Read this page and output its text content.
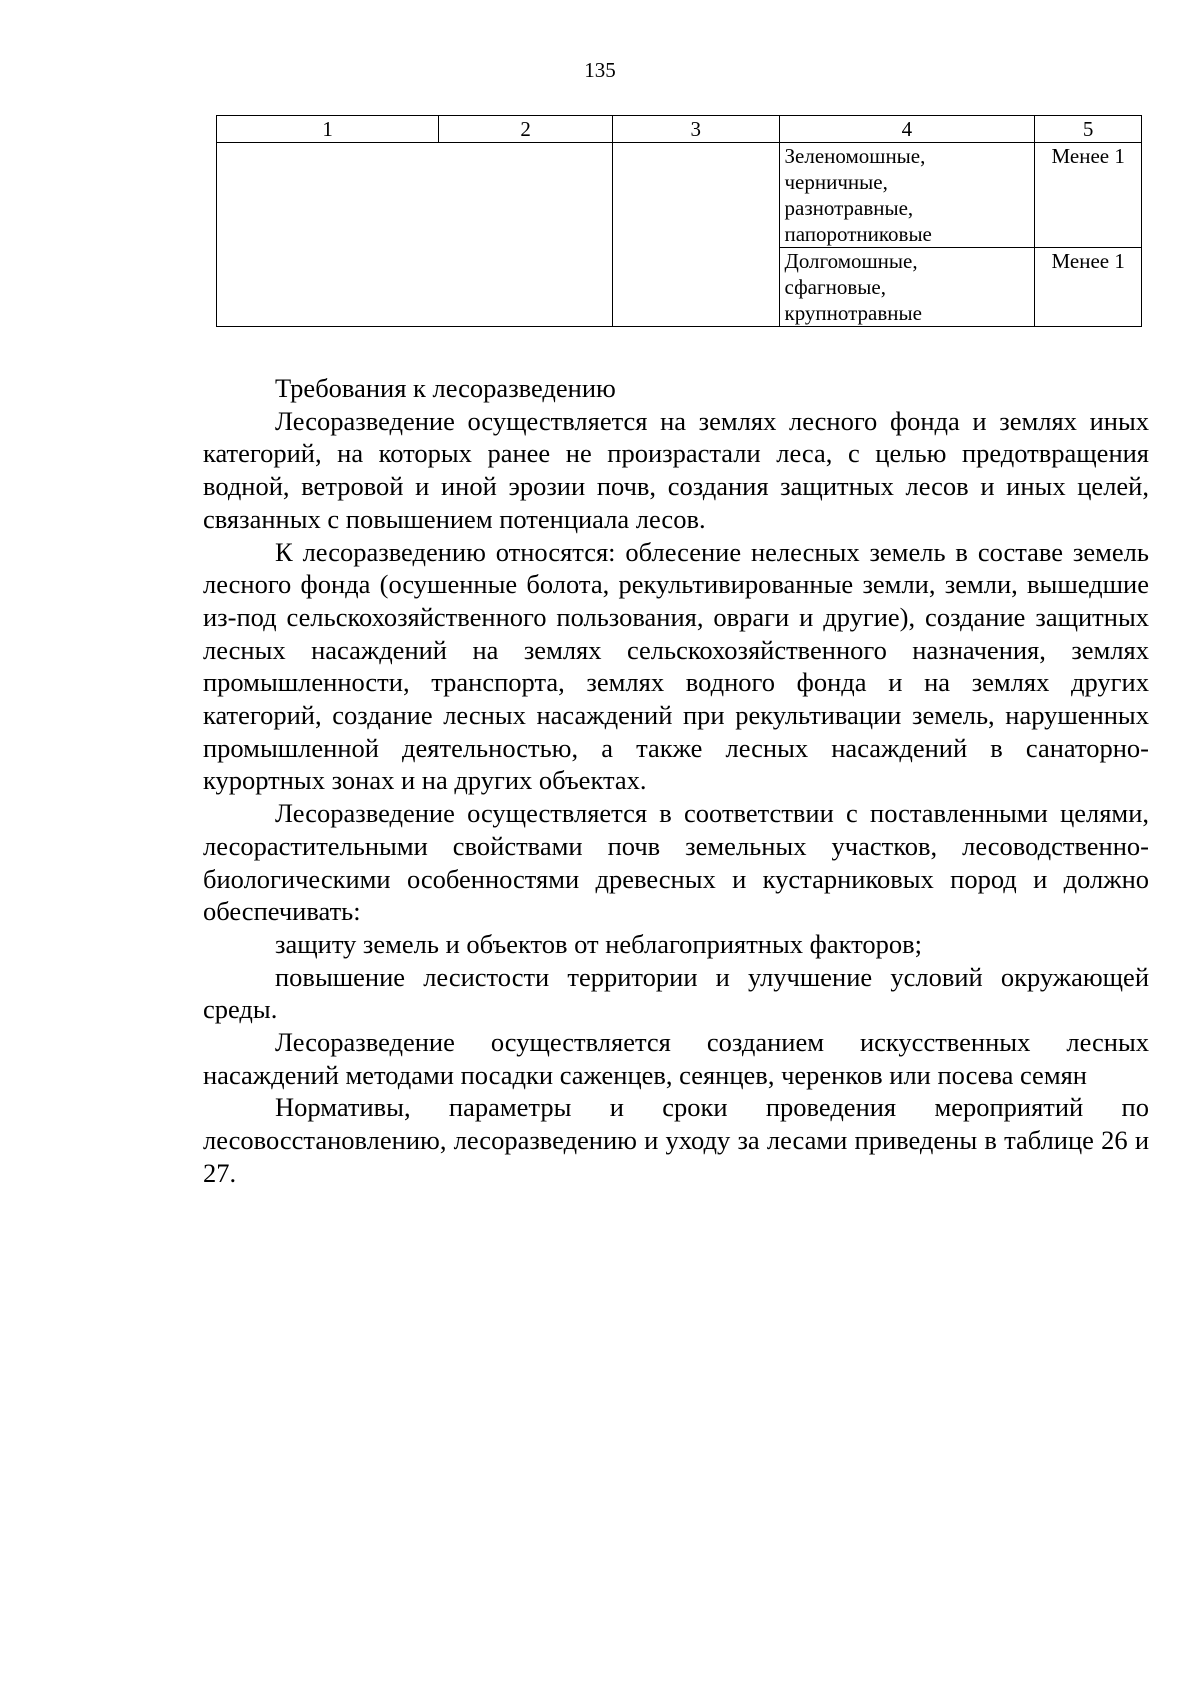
135
1	2	3	4	5

			Зеленомошные,
черничные,
разнотравные,
папоротниковые	Менее 1

			Долгомошные,
сфагновые,
крупнотравные	Менее 1

Требования к лесоразведению

Лесоразведение осуществляется на землях лесного фонда и землях иных категорий, на которых ранее не произрастали леса, с целью предотвращения водной, ветровой и иной эрозии почв, создания защитных лесов и иных целей, связанных с повышением потенциала лесов.

К лесоразведению относятся: облесение нелесных земель в составе земель лесного фонда (осушенные болота, рекультивированные земли, земли, вышедшие из-под сельскохозяйственного пользования, овраги и другие), создание защитных лесных насаждений на землях сельскохозяйственного назначения, землях промышленности, транспорта, землях водного фонда и на землях других категорий, создание лесных насаждений при рекультивации земель, нарушенных промышленной деятельностью, а также лесных насаждений в санаторно-курортных зонах и на других объектах.

Лесоразведение осуществляется в соответствии с поставленными целями, лесорастительными свойствами почв земельных участков, лесоводственно-биологическими особенностями древесных и кустарниковых пород и должно обеспечивать:

защиту земель и объектов от неблагоприятных факторов;

повышение лесистости территории и улучшение условий окружающей среды.

Лесоразведение осуществляется созданием искусственных лесных насаждений методами посадки саженцев, сеянцев, черенков или посева семян

Нормативы, параметры и сроки проведения мероприятий по лесовосстановлению, лесоразведению и уходу за лесами приведены в таблице 26 и 27.
